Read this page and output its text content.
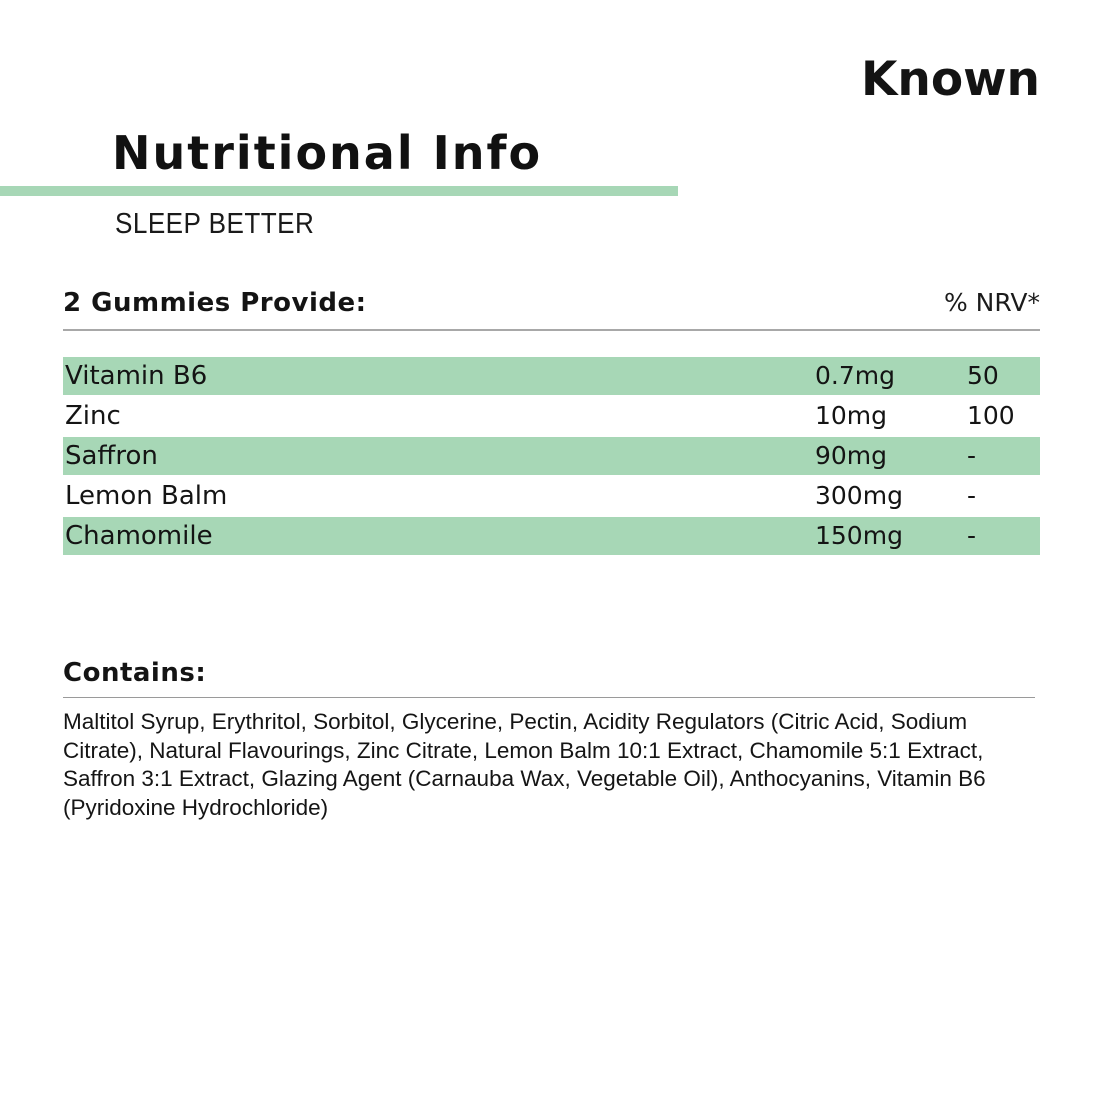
Known
Nutritional Info
SLEEP BETTER
2 Gummies Provide:	% NRV*
Vitamin B6	0.7mg	50
Zinc	10mg	100
Saffron	90mg	-
Lemon Balm	300mg	-
Chamomile	150mg	-
Contains:
Maltitol Syrup, Erythritol, Sorbitol, Glycerine, Pectin, Acidity Regulators (Citric Acid, Sodium Citrate), Natural Flavourings, Zinc Citrate, Lemon Balm 10:1 Extract, Chamomile 5:1 Extract, Saffron 3:1 Extract, Glazing Agent (Carnauba Wax, Vegetable Oil), Anthocyanins, Vitamin B6 (Pyridoxine Hydrochloride)
